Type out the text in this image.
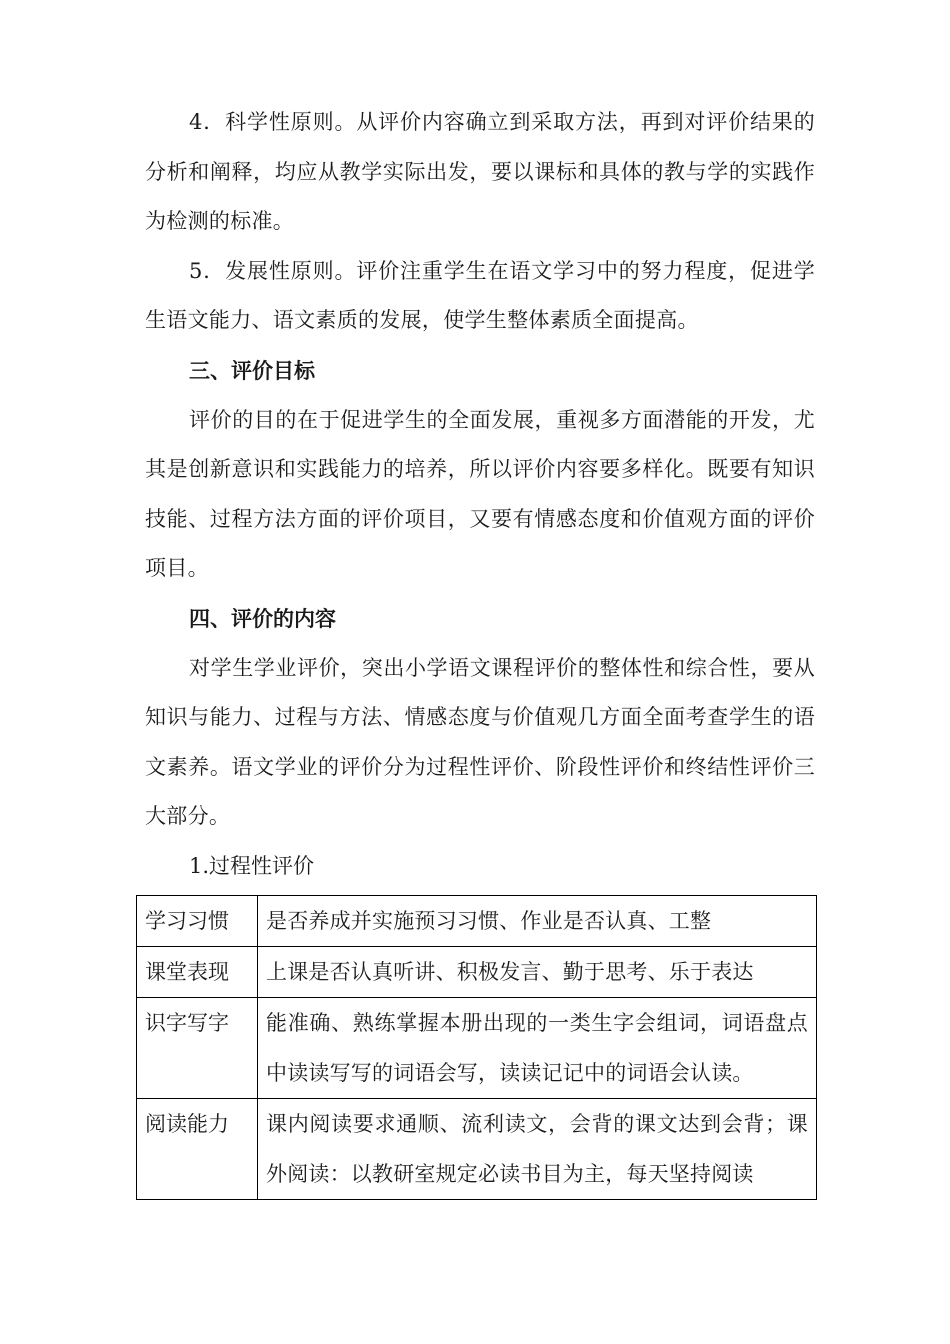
4．科学性原则。从评价内容确立到采取方法，再到对评价结果的分析和阐释，均应从教学实际出发，要以课标和具体的教与学的实践作为检测的标准。

5．发展性原则。评价注重学生在语文学习中的努力程度，促进学生语文能力、语文素质的发展，使学生整体素质全面提高。

三、评价目标

评价的目的在于促进学生的全面发展，重视多方面潜能的开发，尤其是创新意识和实践能力的培养，所以评价内容要多样化。既要有知识技能、过程方法方面的评价项目，又要有情感态度和价值观方面的评价项目。

四、评价的内容

对学生学业评价，突出小学语文课程评价的整体性和综合性，要从知识与能力、过程与方法、情感态度与价值观几方面全面考查学生的语文素养。语文学业的评价分为过程性评价、阶段性评价和终结性评价三大部分。

1.过程性评价

学习习惯	是否养成并实施预习习惯、作业是否认真、工整
课堂表现	上课是否认真听讲、积极发言、勤于思考、乐于表达
识字写字	能准确、熟练掌握本册出现的一类生字会组词，词语盘点中读读写写的词语会写，读读记记中的词语会认读。
阅读能力	课内阅读要求通顺、流利读文，会背的课文达到会背；课外阅读：以教研室规定必读书目为主，每天坚持阅读
